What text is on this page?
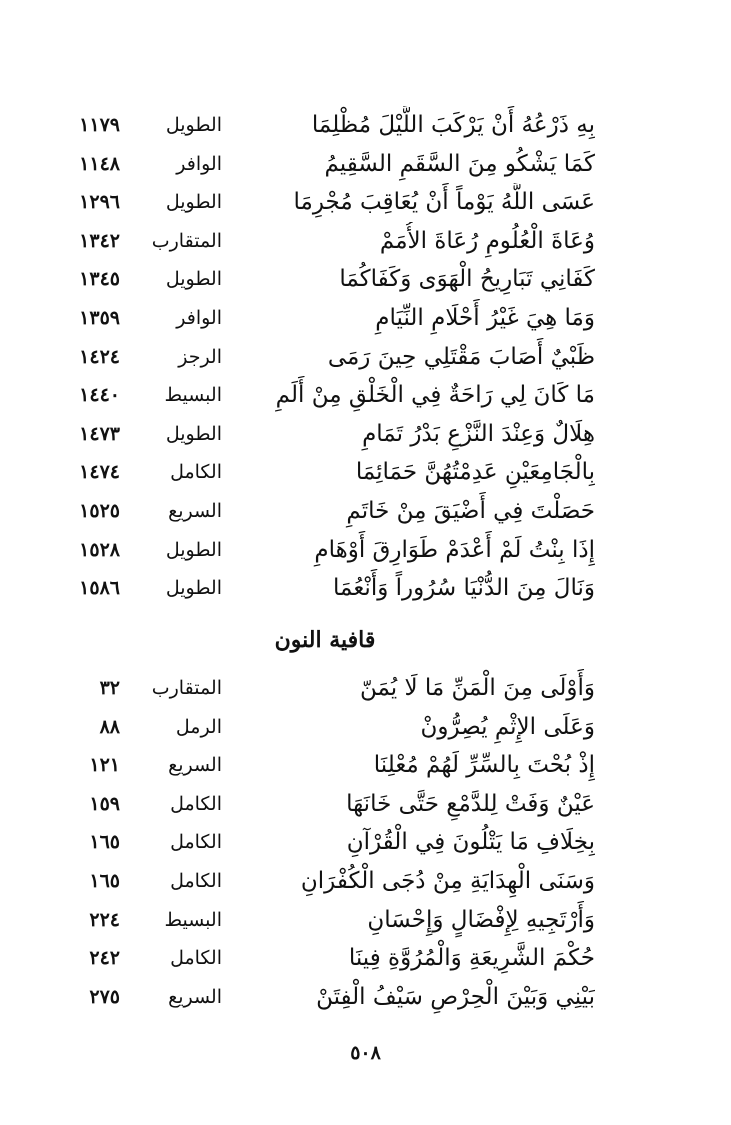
بِهِ ذَرْعُهُ أَنْ يَرْكَبَ اللَّيْلَ مُظْلِمَا
الطويل
١١٧٩
كَمَا يَشْكُو مِنَ السَّقَمِ السَّقِيمُ
الوافر
١١٤٨
عَسَى اللَّهُ يَوْماً أَنْ يُعَاقِبَ مُجْرِمَا
الطويل
١٢٩٦
وُعَاةَ الْعُلُومِ رُعَاةَ الأُمَمْ
المتقارب
١٣٤٢
كَفَانِي تَبَارِيحُ الْهَوَى وَكَفَاكُمَا
الطويل
١٣٤٥
وَمَا هِيَ غَيْرُ أَحْلَامِ النِّيَامِ
الوافر
١٣٥٩
ظَبْيٌ أَصَابَ مَقْتَلِي حِينَ رَمَى
الرجز
١٤٢٤
مَا كَانَ لِي رَاحَةٌ فِي الْخَلْقِ مِنْ أَلَمِ
البسيط
١٤٤٠
هِلَالٌ وَعِنْدَ النَّزْعِ بَدْرُ تَمَامِ
الطويل
١٤٧٣
بِالْجَامِعَيْنِ عَدِمْتُهُنَّ حَمَائِمَا
الكامل
١٤٧٤
حَصَلْتَ فِي أَضْيَقَ مِنْ خَاتَمِ
السريع
١٥٢٥
إِذَا بِنْتُ لَمْ أَعْدَمْ طَوَارِقَ أَوْهَامِ
الطويل
١٥٢٨
وَنَالَ مِنَ الدُّنْيَا سُرُوراً وَأَنْعُمَا
الطويل
١٥٨٦
قافية النون
وَأَوْلَى مِنَ الْمَنِّ مَا لَا يُمَنّ
المتقارب
٣٢
وَعَلَى الإِثْمِ يُصِرُّونْ
الرمل
٨٨
إِذْ بُحْتَ بِالسِّرِّ لَهُمْ مُعْلِنَا
السريع
١٢١
عَيْنٌ وَفَتْ لِلدَّمْعِ حَتَّى خَانَهَا
الكامل
١٥٩
بِخِلَافِ مَا يَتْلُونَ فِي الْقُرْآنِ
الكامل
١٦٥
وَسَنَى الْهِدَايَةِ مِنْ دُجَى الْكُفْرَانِ
الكامل
١٦٥
وَأَرْتَجِيهِ لِإِفْضَالٍ وَإِحْسَانِ
البسيط
٢٢٤
حُكْمَ الشَّرِيعَةِ وَالْمُرُوَّةِ فِينَا
الكامل
٢٤٢
بَيْنِي وَبَيْنَ الْحِرْصِ سَيْفُ الْفِتَنْ
السريع
٢٧٥
٥٠٨
